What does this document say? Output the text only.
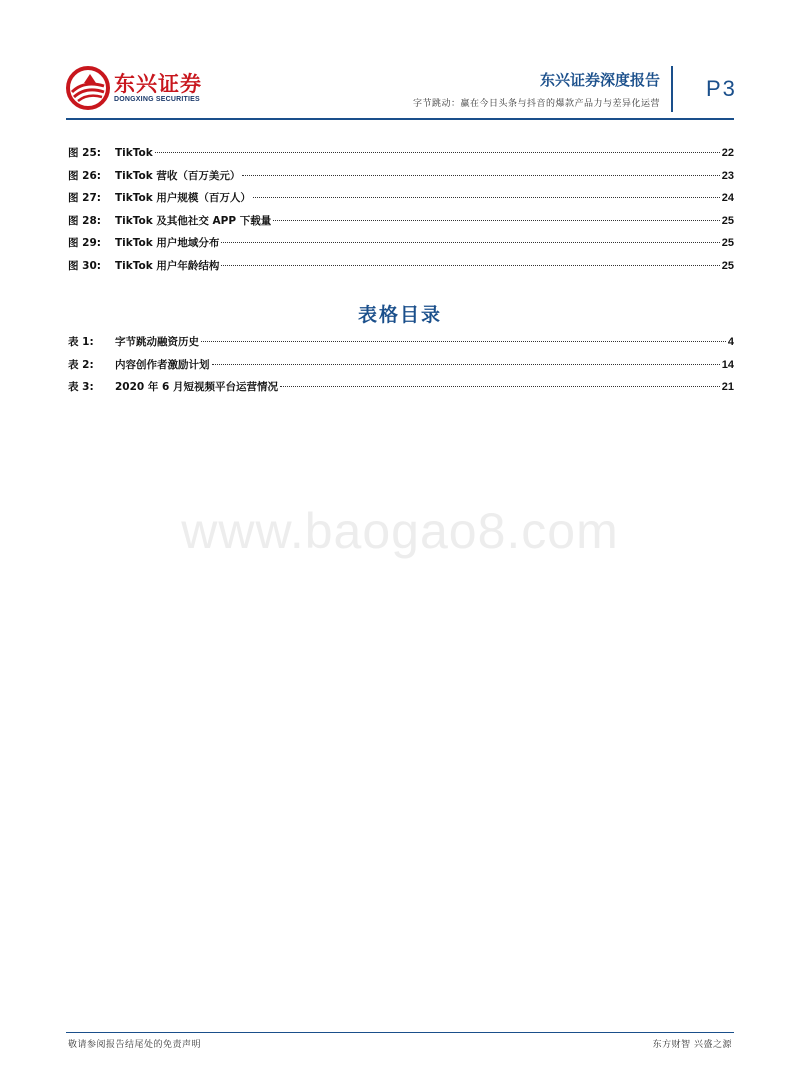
东兴证券
DONGXING SECURITIES
东兴证券深度报告
字节跳动：赢在今日头条与抖音的爆款产品力与差异化运营
P3
图 25:	TikTok	22
图 26:	TikTok 营收（百万美元）	23
图 27:	TikTok 用户规模（百万人）	24
图 28:	TikTok 及其他社交 APP 下载量	25
图 29:	TikTok 用户地域分布	25
图 30:	TikTok 用户年龄结构	25
表格目录
表 1:	字节跳动融资历史	4
表 2:	内容创作者激励计划	14
表 3:	2020 年 6 月短视频平台运营情况	21
www.baogao8.com
敬请参阅报告结尾处的免责声明	东方财智 兴盛之源
